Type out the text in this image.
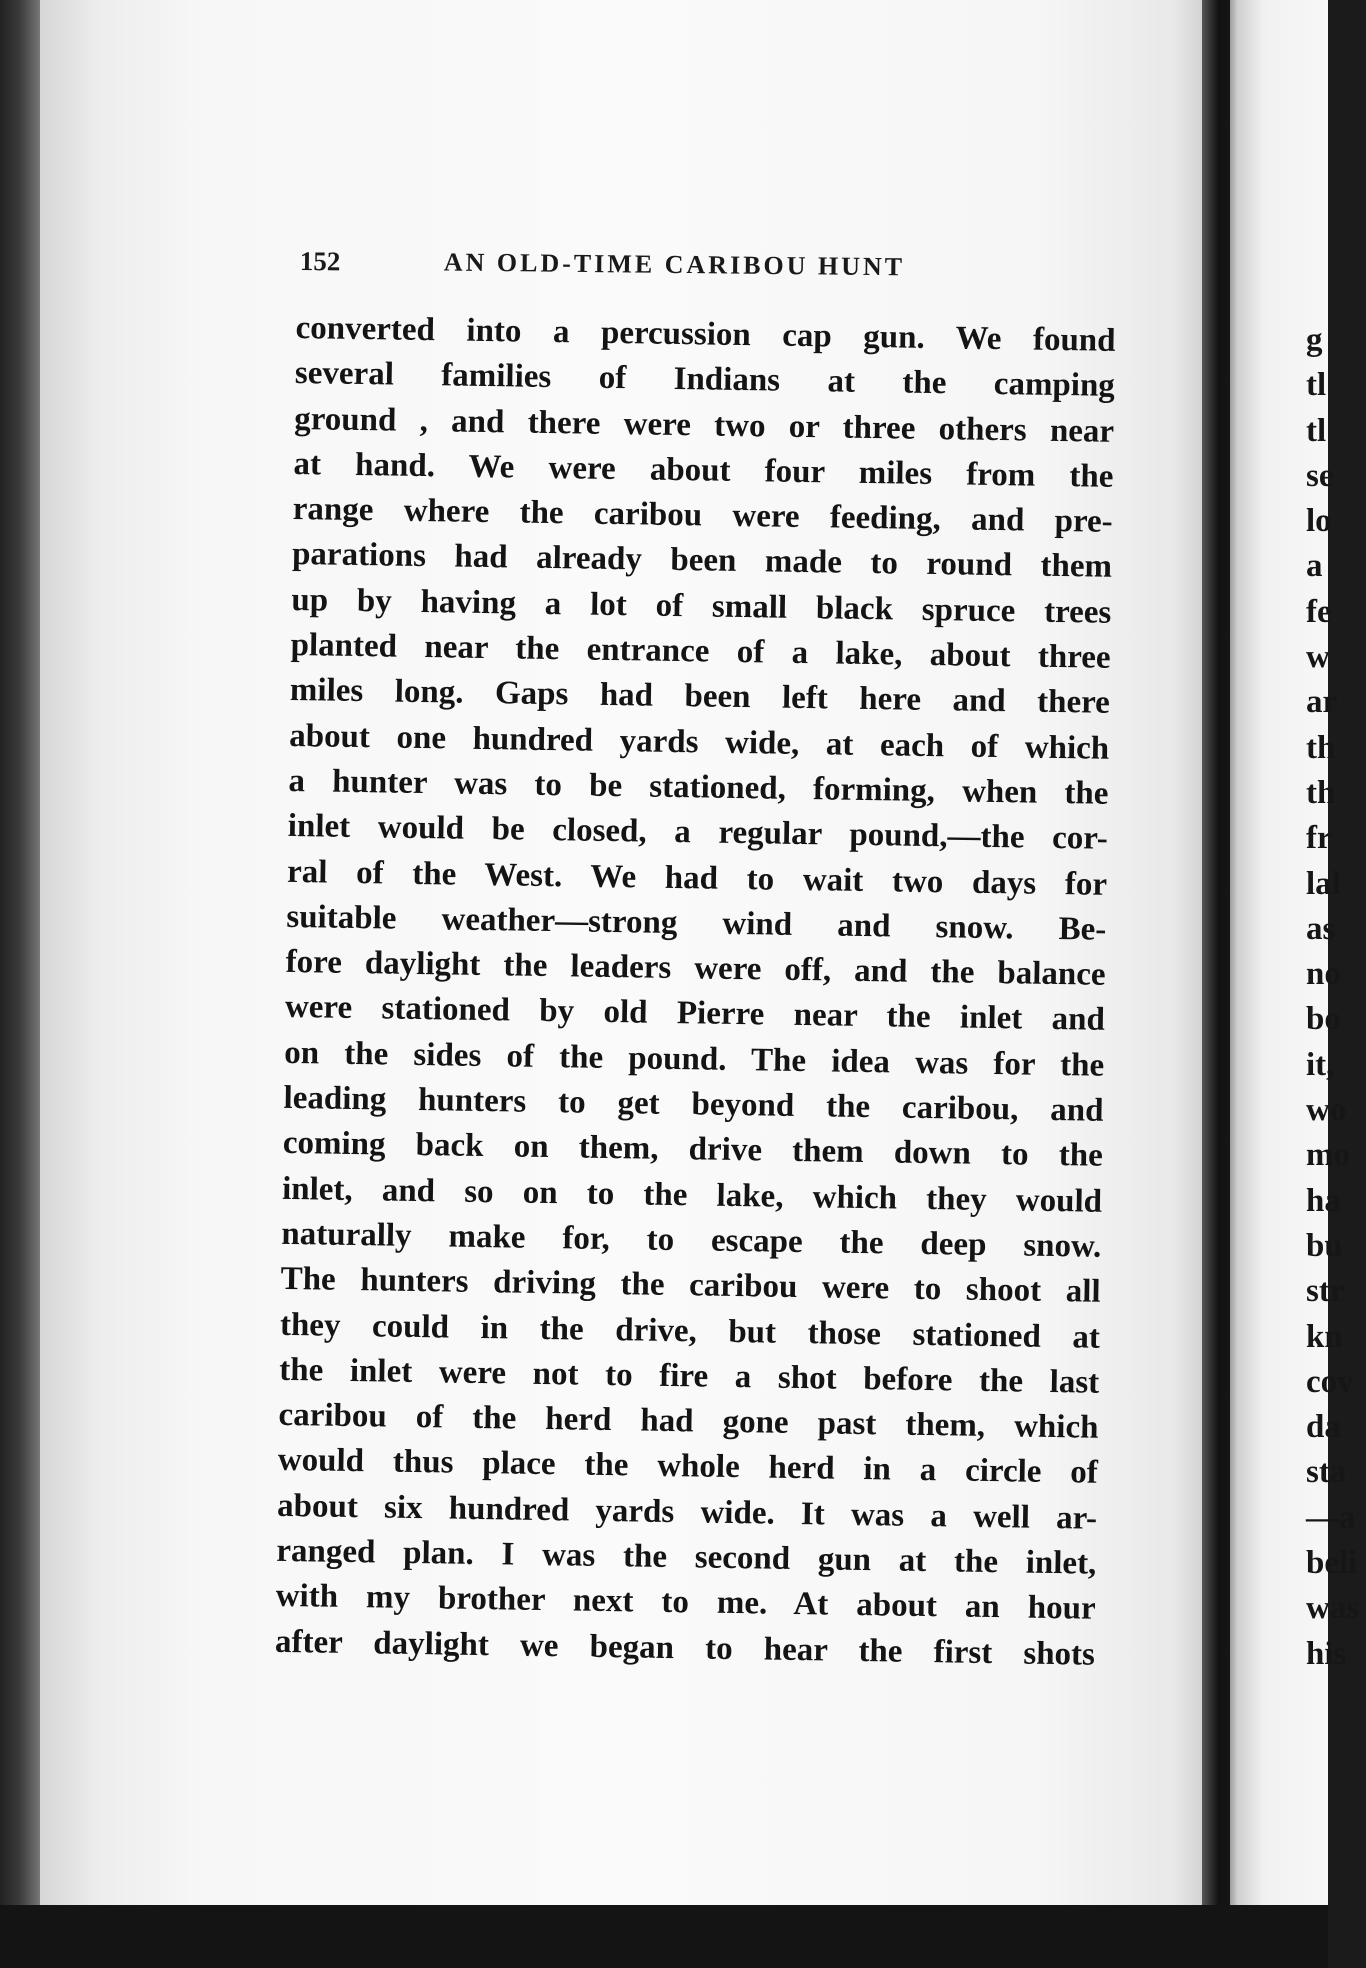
152	AN OLD-TIME CARIBOU HUNT
converted into a percussion cap gun. We found
several families of Indians at the camping
ground , and there were two or three others near
at hand. We were about four miles from the
range where the caribou were feeding, and pre-
parations had already been made to round them
up by having a lot of small black spruce trees
planted near the entrance of a lake, about three
miles long. Gaps had been left here and there
about one hundred yards wide, at each of which
a hunter was to be stationed, forming, when the
inlet would be closed, a regular pound,—the cor-
ral of the West. We had to wait two days for
suitable weather—strong wind and snow. Be-
fore daylight the leaders were off, and the balance
were stationed by old Pierre near the inlet and
on the sides of the pound. The idea was for the
leading hunters to get beyond the caribou, and
coming back on them, drive them down to the
inlet, and so on to the lake, which they would
naturally make for, to escape the deep snow.
The hunters driving the caribou were to shoot all
they could in the drive, but those stationed at
the inlet were not to fire a shot before the last
caribou of the herd had gone past them, which
would thus place the whole herd in a circle of
about six hundred yards wide. It was a well ar-
ranged plan. I was the second gun at the inlet,
with my brother next to me. At about an hour
after daylight we began to hear the first shots
g
tl
tl
se
lo
a
fe
w
ar
th
th
fr
lal
as
no
bo
it,
wo
mo
ha
bu
str
kn
cov
da
sta
—a
beli
was
his
